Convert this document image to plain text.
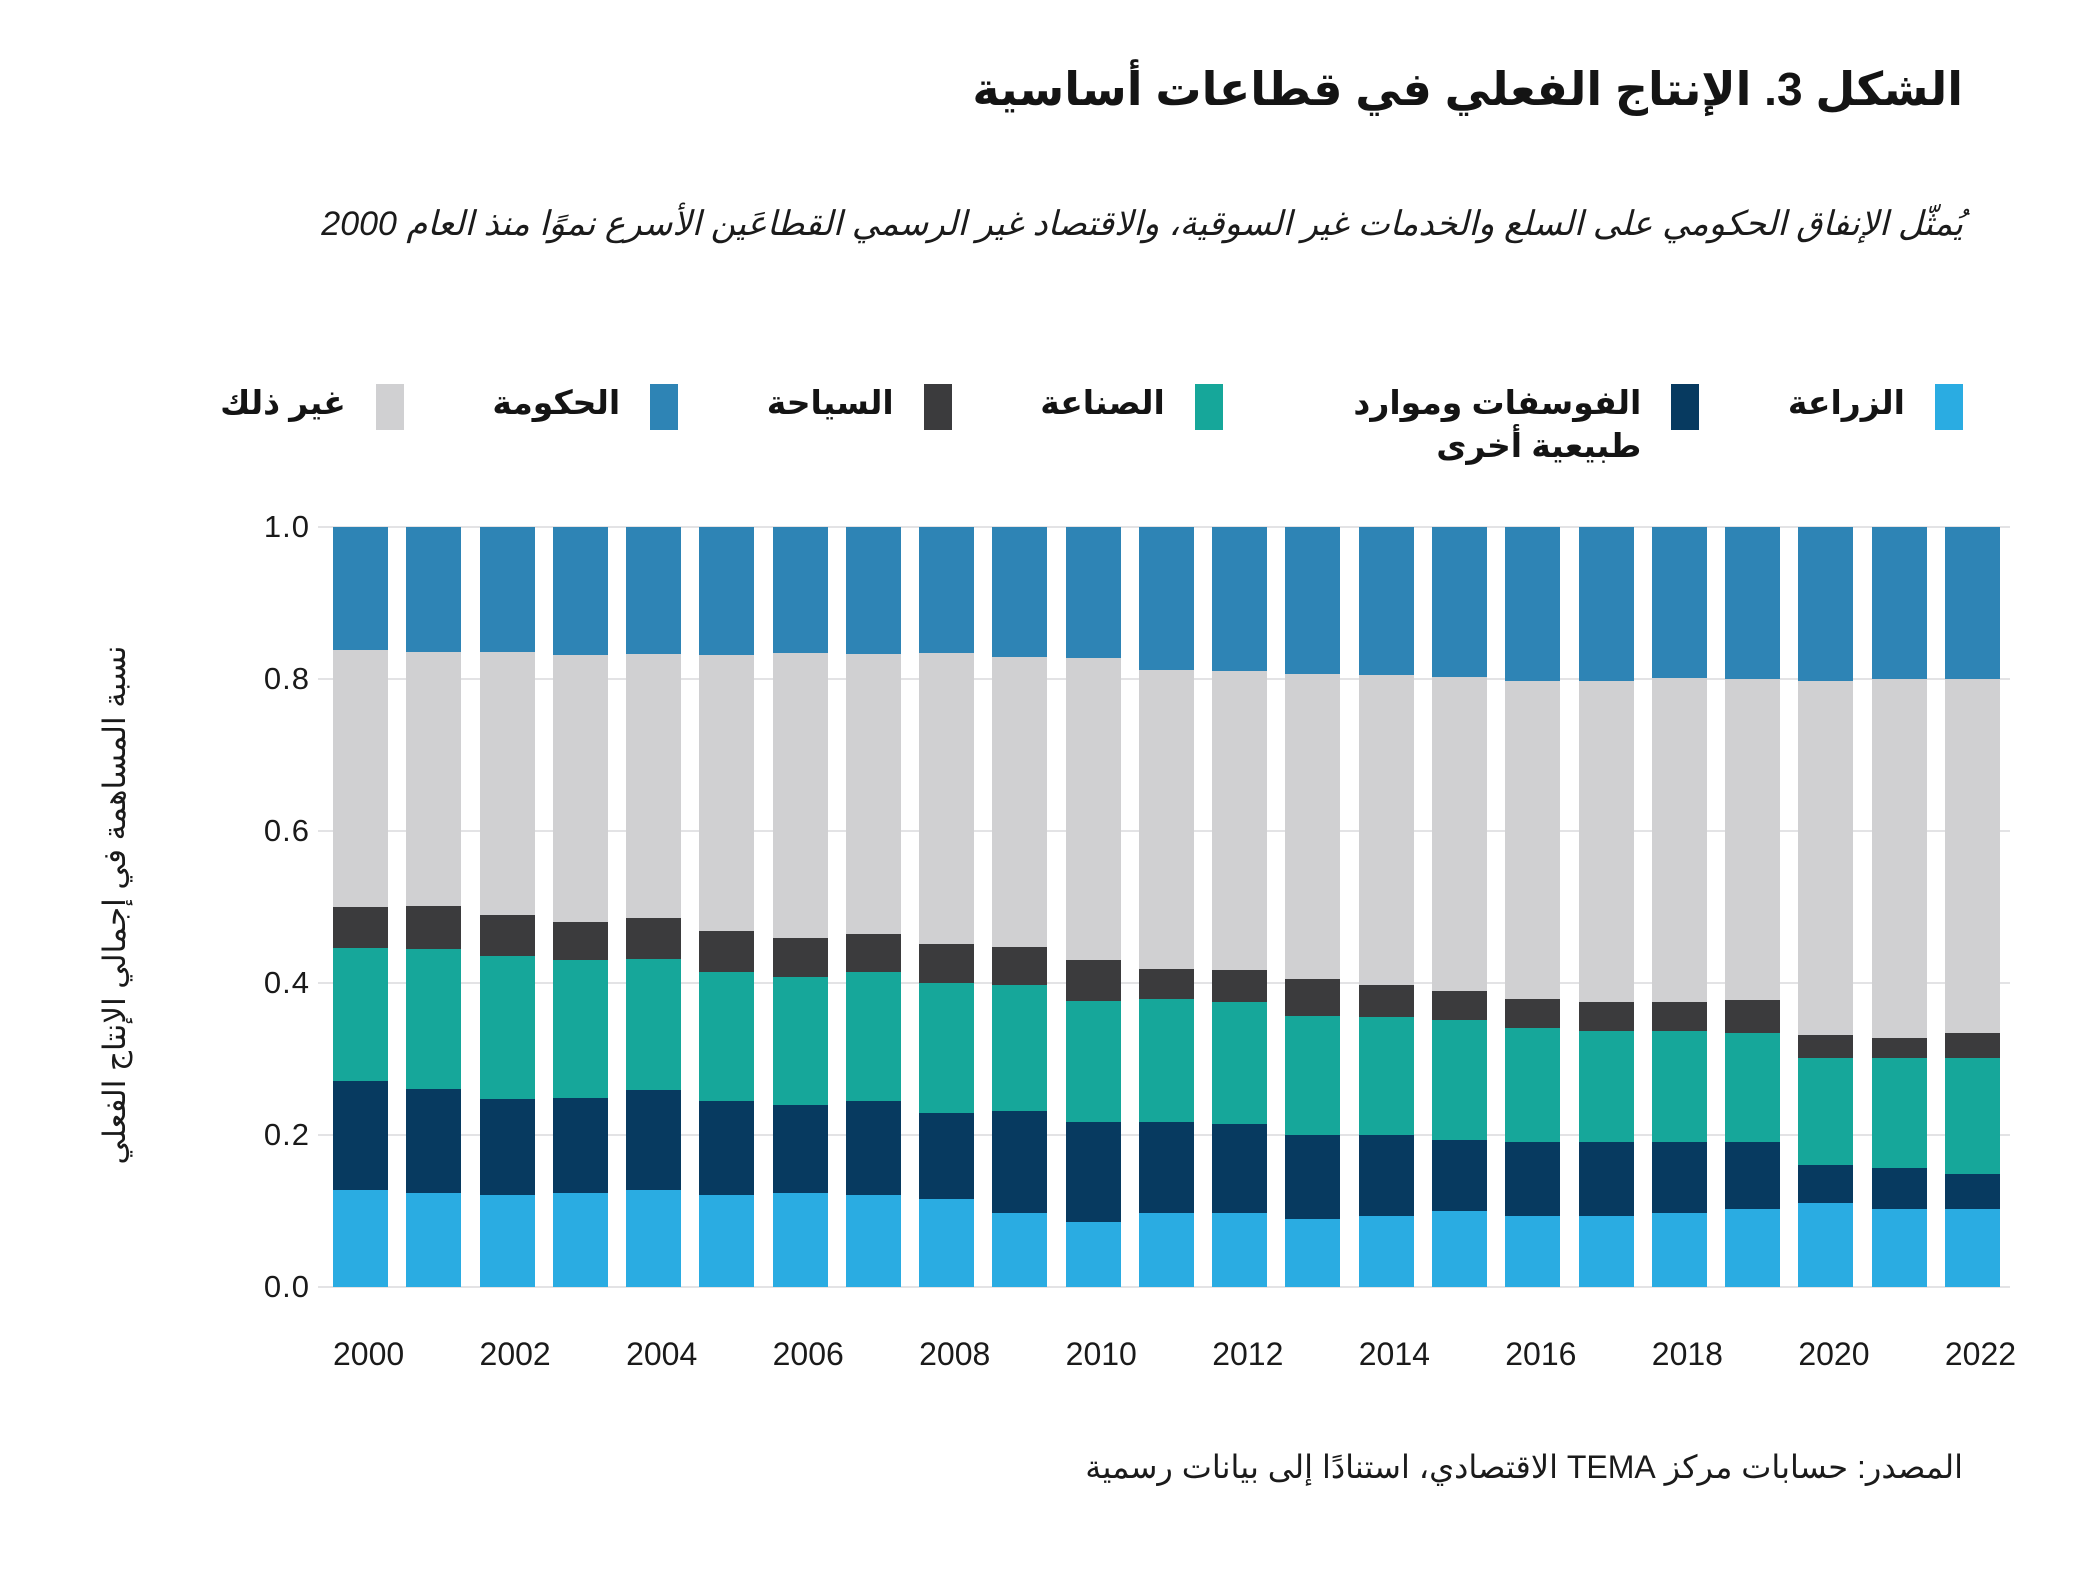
الشكل 3. الإنتاج الفعلي في قطاعات أساسية
يُمثّل الإنفاق الحكومي على السلع والخدمات غير السوقية، والاقتصاد غير الرسمي القطاعَين الأسرع نموًا منذ العام 2000
الزراعة
الفوسفات وموارد طبيعية أخرى
الصناعة
السياحة
الحكومة
غير ذلك
0.0
0.2
0.4
0.6
0.8
1.0
نسبة المساهمة في إجمالي الإنتاج الفعلي
2000 2002 2004 2006 2008 2010 2012 2014 2016 2018 2020 2022
المصدر: حسابات مركز TEMA الاقتصادي، استنادًا إلى بيانات رسمية
